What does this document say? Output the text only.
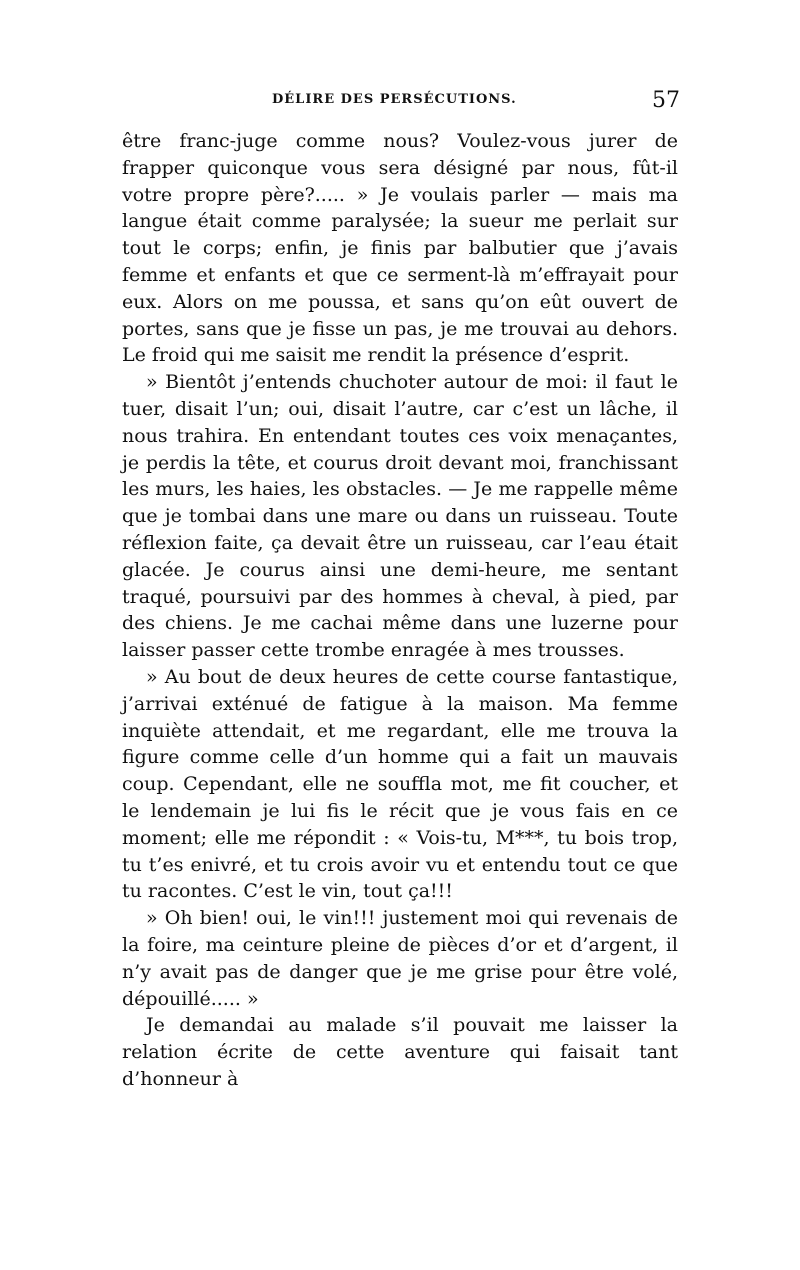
DÉLIRE DES PERSÉCUTIONS.	57

être franc-juge comme nous? Voulez-vous jurer de frapper quiconque vous sera désigné par nous, fût-il votre propre père?..... » Je voulais parler — mais ma langue était comme paralysée; la sueur me perlait sur tout le corps; enfin, je finis par balbutier que j’avais femme et enfants et que ce serment-là m’effrayait pour eux. Alors on me poussa, et sans qu’on eût ouvert de portes, sans que je fisse un pas, je me trouvai au dehors. Le froid qui me saisit me rendit la présence d’esprit.

» Bientôt j’entends chuchoter autour de moi: il faut le tuer, disait l’un; oui, disait l’autre, car c’est un lâche, il nous trahira. En entendant toutes ces voix menaçantes, je perdis la tête, et courus droit devant moi, franchissant les murs, les haies, les obstacles. — Je me rappelle même que je tombai dans une mare ou dans un ruisseau. Toute réflexion faite, ça devait être un ruisseau, car l’eau était glacée. Je courus ainsi une demi-heure, me sentant traqué, poursuivi par des hommes à cheval, à pied, par des chiens. Je me cachai même dans une luzerne pour laisser passer cette trombe enragée à mes trousses.

» Au bout de deux heures de cette course fantastique, j’arrivai exténué de fatigue à la maison. Ma femme inquiète attendait, et me regardant, elle me trouva la figure comme celle d’un homme qui a fait un mauvais coup. Cependant, elle ne souffla mot, me fit coucher, et le lendemain je lui fis le récit que je vous fais en ce moment; elle me répondit : « Vois-tu, M***, tu bois trop, tu t’es enivré, et tu crois avoir vu et entendu tout ce que tu racontes. C’est le vin, tout ça!!!

» Oh bien! oui, le vin!!! justement moi qui revenais de la foire, ma ceinture pleine de pièces d’or et d’argent, il n’y avait pas de danger que je me grise pour être volé, dépouillé..... »

Je demandai au malade s’il pouvait me laisser la relation écrite de cette aventure qui faisait tant d’honneur à
